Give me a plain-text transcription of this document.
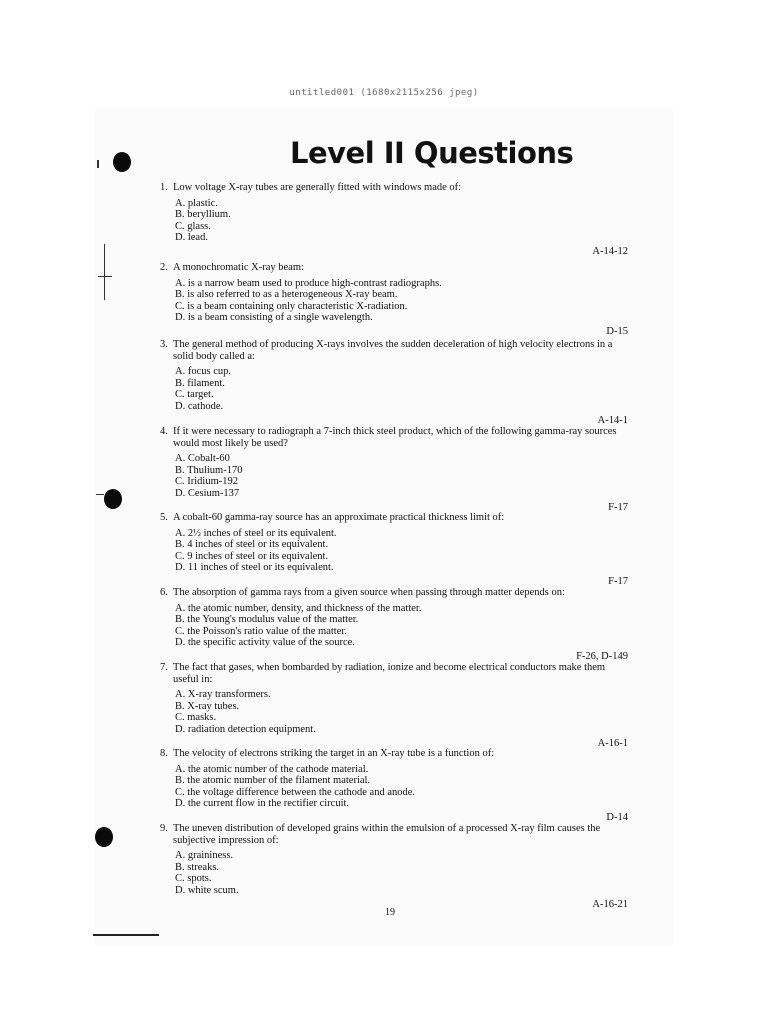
untitled001 (1680x2115x256 jpeg)
Level II Questions
1. Low voltage X-ray tubes are generally fitted with windows made of:
A. plastic.
B. beryllium.
C. glass.
D. lead.
A-14-12
2. A monochromatic X-ray beam:
A. is a narrow beam used to produce high-contrast radiographs.
B. is also referred to as a heterogeneous X-ray beam.
C. is a beam containing only characteristic X-radiation.
D. is a beam consisting of a single wavelength.
D-15
3. The general method of producing X-rays involves the sudden deceleration of high velocity electrons in a solid body called a:
A. focus cup.
B. filament.
C. target.
D. cathode.
A-14-1
4. If it were necessary to radiograph a 7-inch thick steel product, which of the following gamma-ray sources would most likely be used?
A. Cobalt-60
B. Thulium-170
C. Iridium-192
D. Cesium-137
F-17
5. A cobalt-60 gamma-ray source has an approximate practical thickness limit of:
A. 2½ inches of steel or its equivalent.
B. 4 inches of steel or its equivalent.
C. 9 inches of steel or its equivalent.
D. 11 inches of steel or its equivalent.
F-17
6. The absorption of gamma rays from a given source when passing through matter depends on:
A. the atomic number, density, and thickness of the matter.
B. the Young's modulus value of the matter.
C. the Poisson's ratio value of the matter.
D. the specific activity value of the source.
F-26, D-149
7. The fact that gases, when bombarded by radiation, ionize and become electrical conductors make them useful in:
A. X-ray transformers.
B. X-ray tubes.
C. masks.
D. radiation detection equipment.
A-16-1
8. The velocity of electrons striking the target in an X-ray tube is a function of:
A. the atomic number of the cathode material.
B. the atomic number of the filament material.
C. the voltage difference between the cathode and anode.
D. the current flow in the rectifier circuit.
D-14
9. The uneven distribution of developed grains within the emulsion of a processed X-ray film causes the subjective impression of:
A. graininess.
B. streaks.
C. spots.
D. white scum.
A-16-21
19
